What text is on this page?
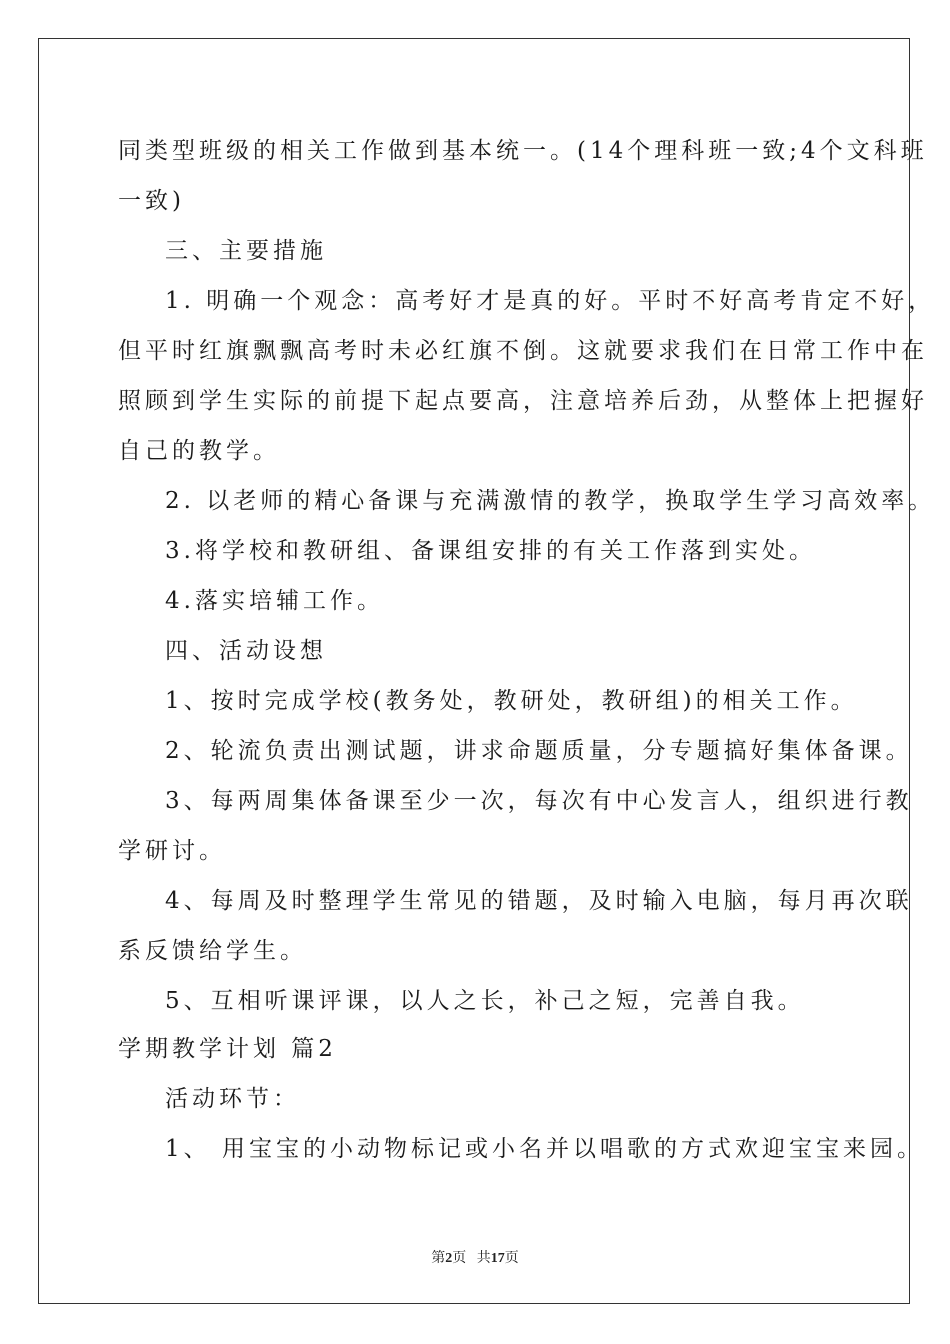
同类型班级的相关工作做到基本统一。(14个理科班一致;4个文科班

一致)

三、主要措施

1. 明确一个观念：高考好才是真的好。平时不好高考肯定不好，

但平时红旗飘飘高考时未必红旗不倒。这就要求我们在日常工作中在

照顾到学生实际的前提下起点要高，注意培养后劲，从整体上把握好

自己的教学。

2. 以老师的精心备课与充满激情的教学，换取学生学习高效率。

3.将学校和教研组、备课组安排的有关工作落到实处。

4.落实培辅工作。

四、活动设想

1、按时完成学校(教务处，教研处，教研组)的相关工作。

2、轮流负责出测试题，讲求命题质量，分专题搞好集体备课。

3、每两周集体备课至少一次，每次有中心发言人，组织进行教

学研讨。

4、每周及时整理学生常见的错题，及时输入电脑，每月再次联

系反馈给学生。

5、互相听课评课，以人之长，补己之短，完善自我。

学期教学计划 篇2

活动环节：

1、 用宝宝的小动物标记或小名并以唱歌的方式欢迎宝宝来园。

第2页 共17页
